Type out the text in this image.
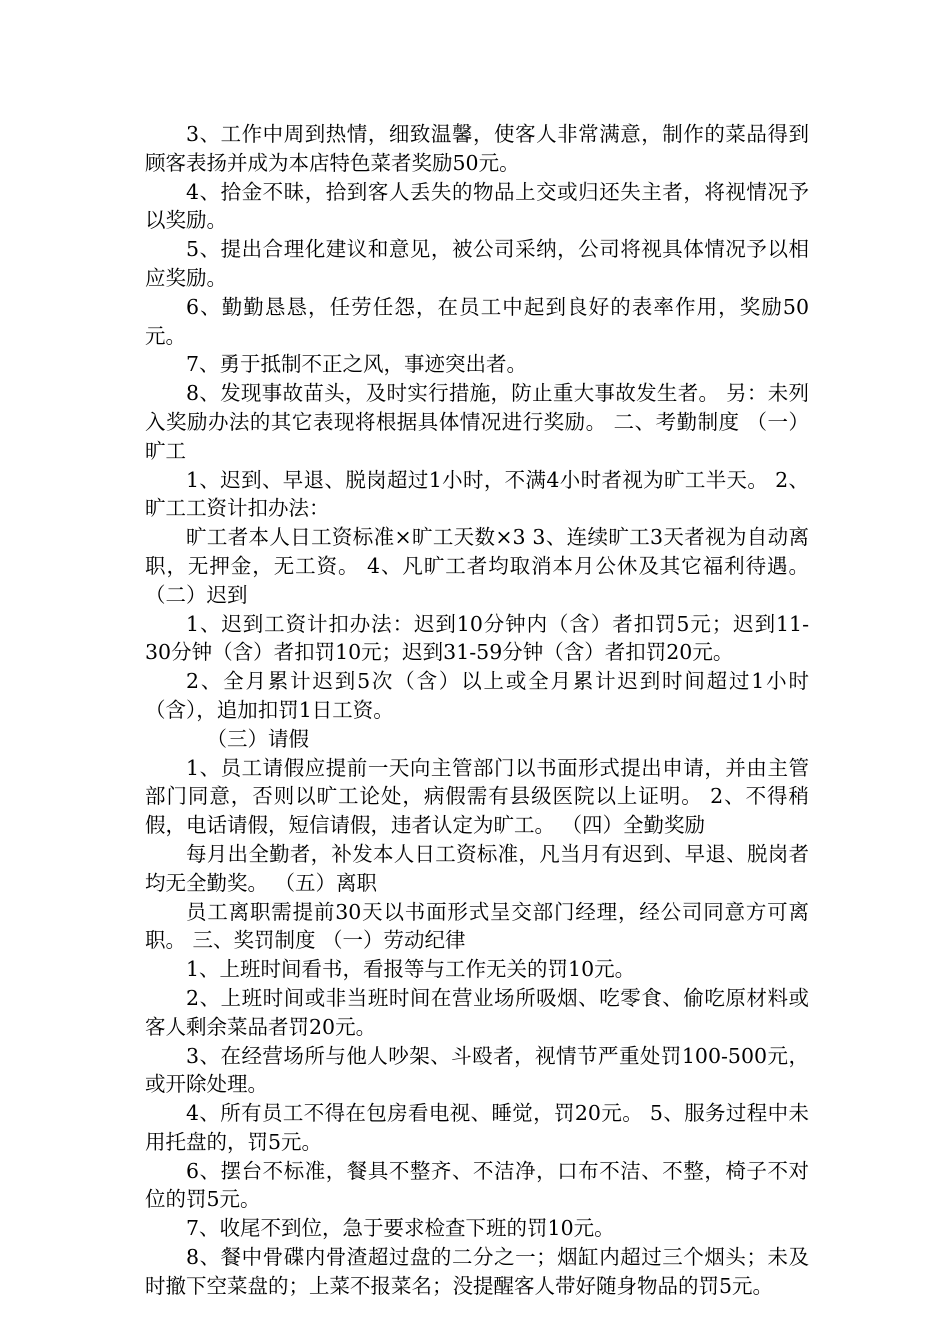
3、工作中周到热情，细致温馨，使客人非常满意，制作的菜品得到顾客表扬并成为本店特色菜者奖励50元。

4、拾金不昧，拾到客人丢失的物品上交或归还失主者，将视情况予以奖励。

5、提出合理化建议和意见，被公司采纳，公司将视具体情况予以相应奖励。

6、勤勤恳恳，任劳任怨，在员工中起到良好的表率作用，奖励50元。

7、勇于抵制不正之风，事迹突出者。

8、发现事故苗头，及时实行措施，防止重大事故发生者。 另：未列入奖励办法的其它表现将根据具体情况进行奖励。 二、考勤制度 （一）旷工

1、迟到、早退、脱岗超过1小时，不满4小时者视为旷工半天。 2、旷工工资计扣办法：

旷工者本人日工资标准×旷工天数×3 3、连续旷工3天者视为自动离职，无押金，无工资。 4、凡旷工者均取消本月公休及其它福利待遇。 （二）迟到

1、迟到工资计扣办法：迟到10分钟内（含）者扣罚5元；迟到11-30分钟（含）者扣罚10元；迟到31-59分钟（含）者扣罚20元。

2、全月累计迟到5次（含）以上或全月累计迟到时间超过1小时（含），追加扣罚1日工资。

（三）请假

1、员工请假应提前一天向主管部门以书面形式提出申请，并由主管部门同意，否则以旷工论处，病假需有县级医院以上证明。 2、不得稍假，电话请假，短信请假，违者认定为旷工。 （四）全勤奖励

每月出全勤者，补发本人日工资标准，凡当月有迟到、早退、脱岗者均无全勤奖。 （五）离职

员工离职需提前30天以书面形式呈交部门经理，经公司同意方可离职。 三、奖罚制度 （一）劳动纪律

1、上班时间看书，看报等与工作无关的罚10元。

2、上班时间或非当班时间在营业场所吸烟、吃零食、偷吃原材料或客人剩余菜品者罚20元。

3、在经营场所与他人吵架、斗殴者，视情节严重处罚100-500元，或开除处理。

4、所有员工不得在包房看电视、睡觉，罚20元。 5、服务过程中未用托盘的，罚5元。

6、摆台不标准，餐具不整齐、不洁净，口布不洁、不整，椅子不对位的罚5元。

7、收尾不到位，急于要求检查下班的罚10元。

8、餐中骨碟内骨渣超过盘的二分之一；烟缸内超过三个烟头；未及时撤下空菜盘的；上菜不报菜名；没提醒客人带好随身物品的罚5元。
